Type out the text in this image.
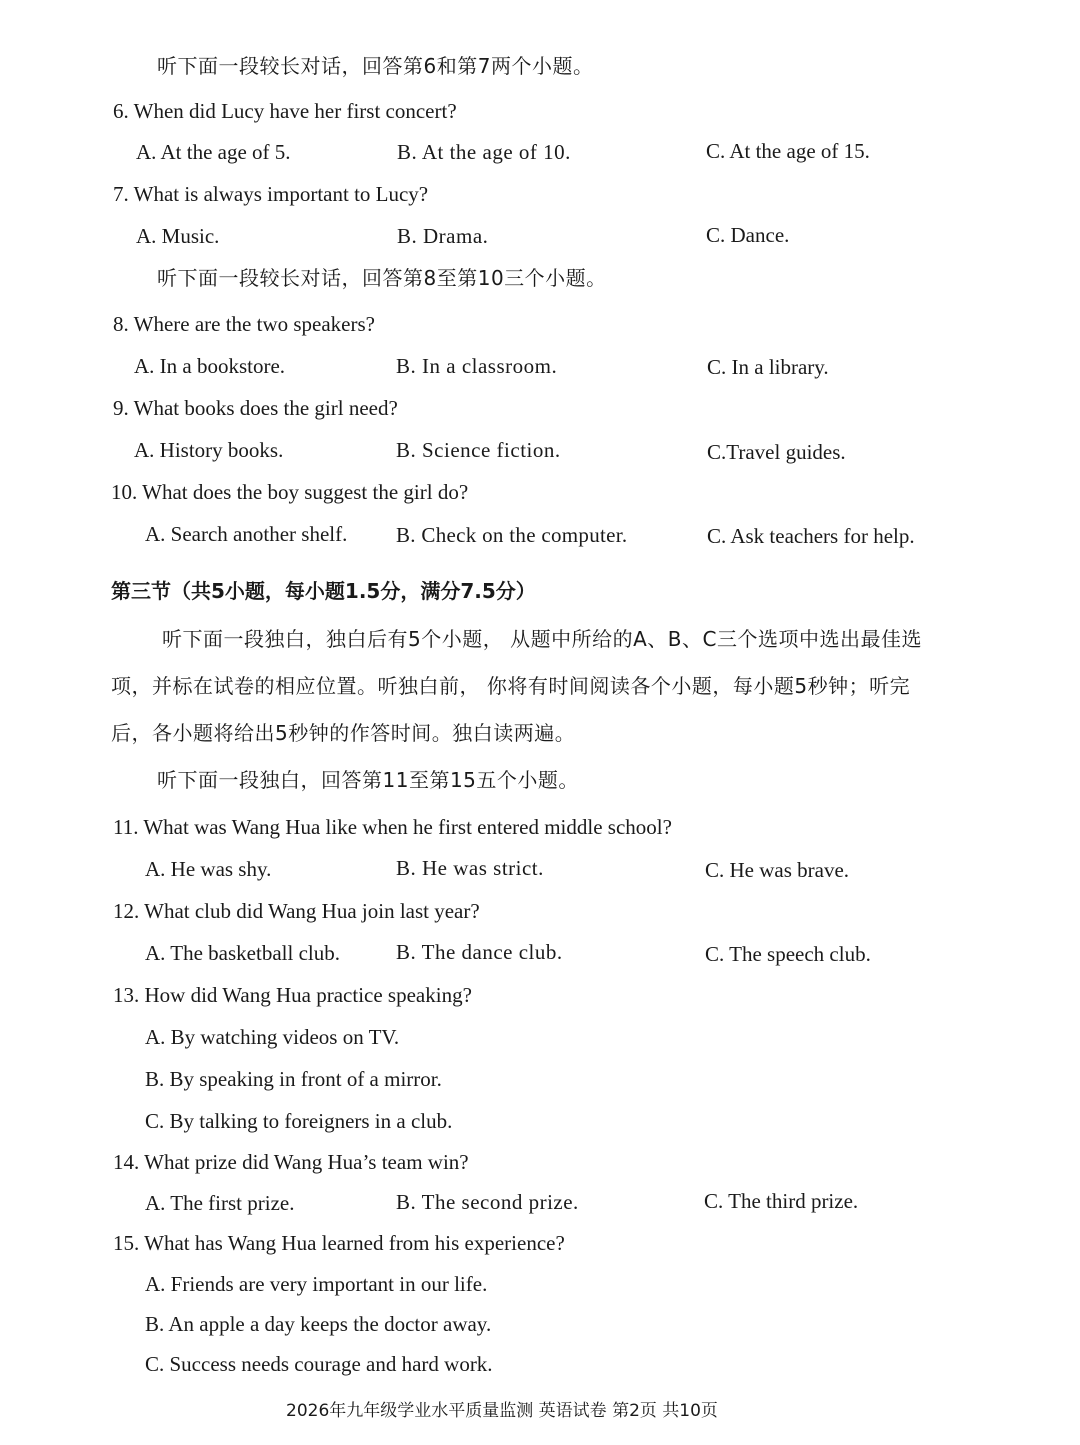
听下面一段较长对话，回答第6和第7两个小题。
6. When did Lucy have her first concert?
A. At the age of 5.	B. At the age of 10.	C. At the age of 15.
7. What is always important to Lucy?
A. Music.	B. Drama.	C. Dance.
听下面一段较长对话，回答第8至第10三个小题。
8. Where are the two speakers?
A. In a bookstore.	B. In a classroom.	C. In a library.
9. What books does the girl need?
A. History books.	B. Science fiction.	C.Travel guides.
10. What does the boy suggest the girl do?
A. Search another shelf. B. Check on the computer.	C. Ask teachers for help.
第三节（共5小题，每小题1.5分，满分7.5分）
听下面一段独白，独白后有5个小题， 从题中所给的A、B、C三个选项中选出最佳选
项，并标在试卷的相应位置。听独白前， 你将有时间阅读各个小题，每小题5秒钟；听完
后，各小题将给出5秒钟的作答时间。独白读两遍。
听下面一段独白，回答第11至第15五个小题。
11. What was Wang Hua like when he first entered middle school?
A. He was shy.	B. He was strict.	C. He was brave.
12. What club did Wang Hua join last year?
A. The basketball club.	B. The dance club.	C. The speech club.
13. How did Wang Hua practice speaking?
A. By watching videos on TV.
B. By speaking in front of a mirror.
C. By talking to foreigners in a club.
14. What prize did Wang Hua’s team win?
A. The first prize.	B. The second prize.	C. The third prize.
15. What has Wang Hua learned from his experience?
A. Friends are very important in our life.
B. An apple a day keeps the doctor away.
C. Success needs courage and hard work.
2026年九年级学业水平质量监测 英语试卷 第2页 共10页
